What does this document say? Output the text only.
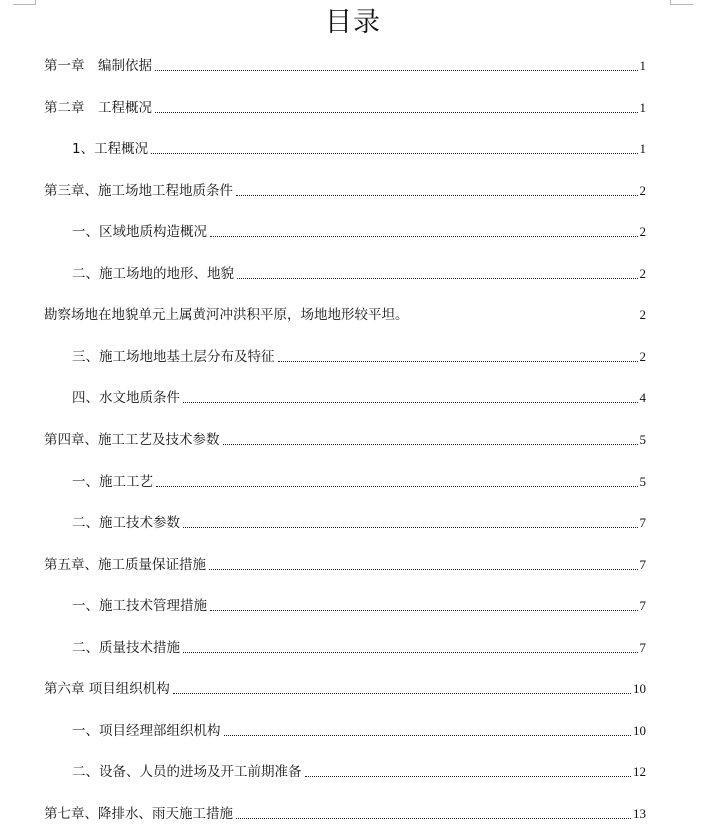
目录
第一章　编制依据	1
第二章　工程概况	1
1、工程概况	1
第三章、施工场地工程地质条件	2
一、区域地质构造概况	2
二、施工场地的地形、地貌	2
勘察场地在地貌单元上属黄河冲洪积平原，场地地形较平坦。	2
三、施工场地地基土层分布及特征	2
四、水文地质条件	4
第四章、施工工艺及技术参数	5
一、施工工艺	5
二、施工技术参数	7
第五章、施工质量保证措施	7
一、施工技术管理措施	7
二、质量技术措施	7
第六章 项目组织机构	10
一、项目经理部组织机构	10
二、设备、人员的进场及开工前期准备	12
第七章、降排水、雨天施工措施	13
